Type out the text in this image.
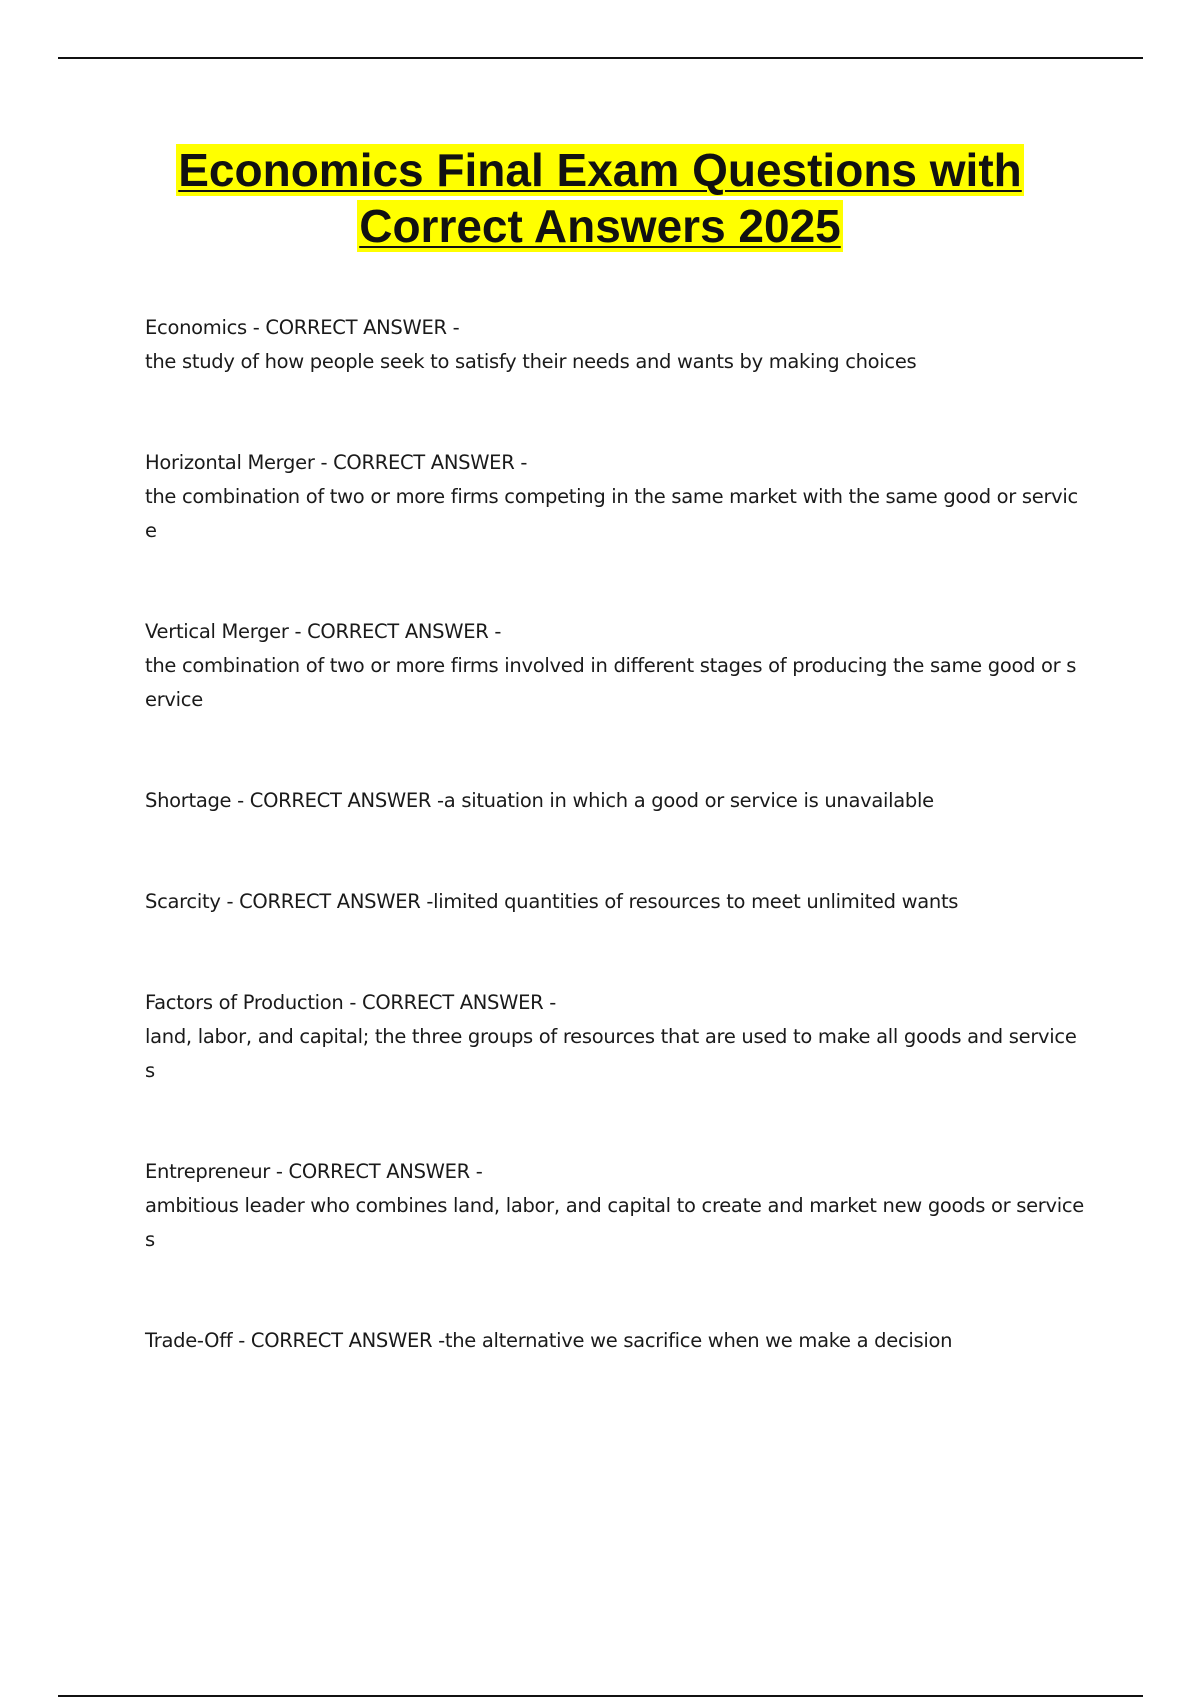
Economics Final Exam Questions with
Correct Answers 2025

Economics - CORRECT ANSWER -
the study of how people seek to satisfy their needs and wants by making choices

Horizontal Merger - CORRECT ANSWER -
the combination of two or more firms competing in the same market with the same good or service

Vertical Merger - CORRECT ANSWER -
the combination of two or more firms involved in different stages of producing the same good or service

Shortage - CORRECT ANSWER -a situation in which a good or service is unavailable

Scarcity - CORRECT ANSWER -limited quantities of resources to meet unlimited wants

Factors of Production - CORRECT ANSWER -
land, labor, and capital; the three groups of resources that are used to make all goods and services

Entrepreneur - CORRECT ANSWER -
ambitious leader who combines land, labor, and capital to create and market new goods or services

Trade-Off - CORRECT ANSWER -the alternative we sacrifice when we make a decision
